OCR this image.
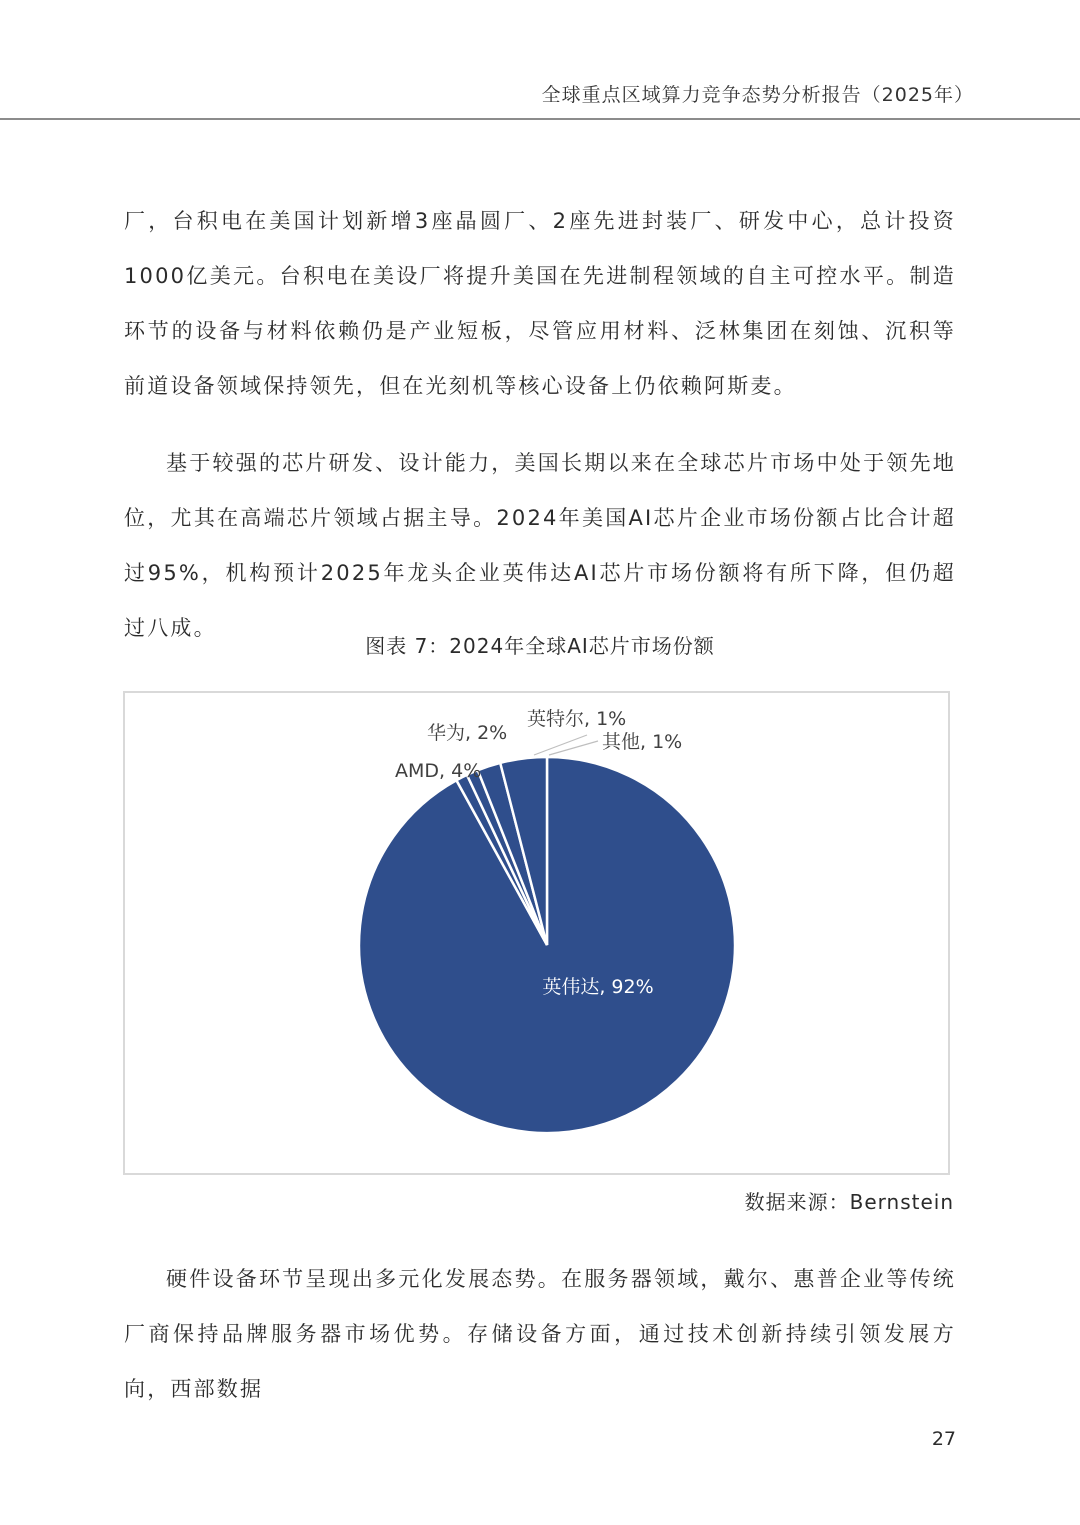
全球重点区域算力竞争态势分析报告（2025年）

厂，台积电在美国计划新增3座晶圆厂、2座先进封装厂、研发中心，总计投资1000亿美元。台积电在美设厂将提升美国在先进制程领域的自主可控水平。制造环节的设备与材料依赖仍是产业短板，尽管应用材料、泛林集团在刻蚀、沉积等前道设备领域保持领先，但在光刻机等核心设备上仍依赖阿斯麦。

基于较强的芯片研发、设计能力，美国长期以来在全球芯片市场中处于领先地位，尤其在高端芯片领域占据主导。2024年美国AI芯片企业市场份额占比合计超过95%，机构预计2025年龙头企业英伟达AI芯片市场份额将有所下降，但仍超过八成。

图表 7：2024年全球AI芯片市场份额
英伟达, 92%
其他, 1%
英特尔, 1%
华为, 2%
AMD, 4%
数据来源：Bernstein

硬件设备环节呈现出多元化发展态势。在服务器领域，戴尔、惠普企业等传统厂商保持品牌服务器市场优势。存储设备方面，通过技术创新持续引领发展方向，西部数据

27
